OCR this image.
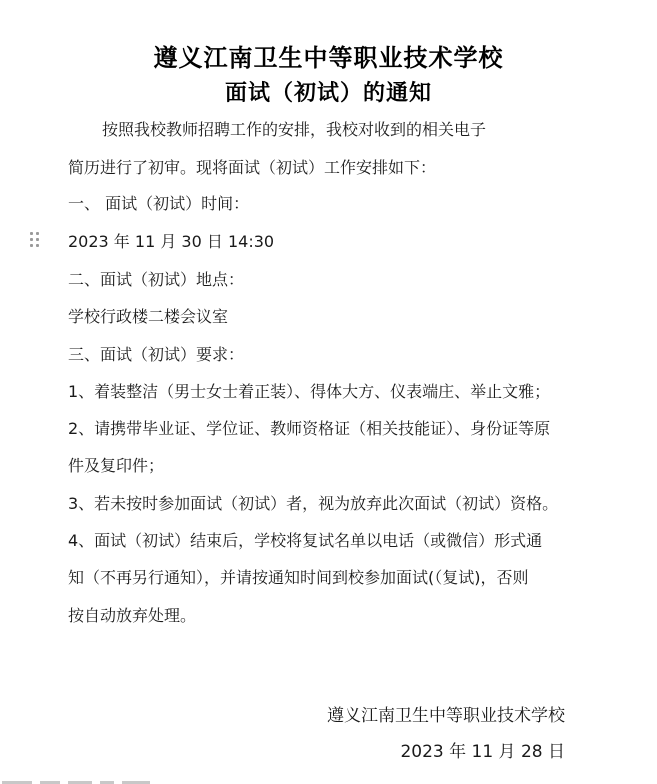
遵义江南卫生中等职业技术学校
面试（初试）的通知
按照我校教师招聘工作的安排，我校对收到的相关电子
简历进行了初审。现将面试（初试）工作安排如下：
一、 面试（初试）时间：
2023 年 11 月 30 日 14:30
二、面试（初试）地点：
学校行政楼二楼会议室
三、面试（初试）要求：
1、着装整洁（男士女士着正装）、得体大方、仪表端庄、举止文雅；
2、请携带毕业证、学位证、教师资格证（相关技能证）、身份证等原
件及复印件；
3、若未按时参加面试（初试）者，视为放弃此次面试（初试）资格。
4、面试（初试）结束后，学校将复试名单以电话（或微信）形式通
知（不再另行通知），并请按通知时间到校参加面试(（复试)，否则
按自动放弃处理。
遵义江南卫生中等职业技术学校
2023 年 11 月 28 日
